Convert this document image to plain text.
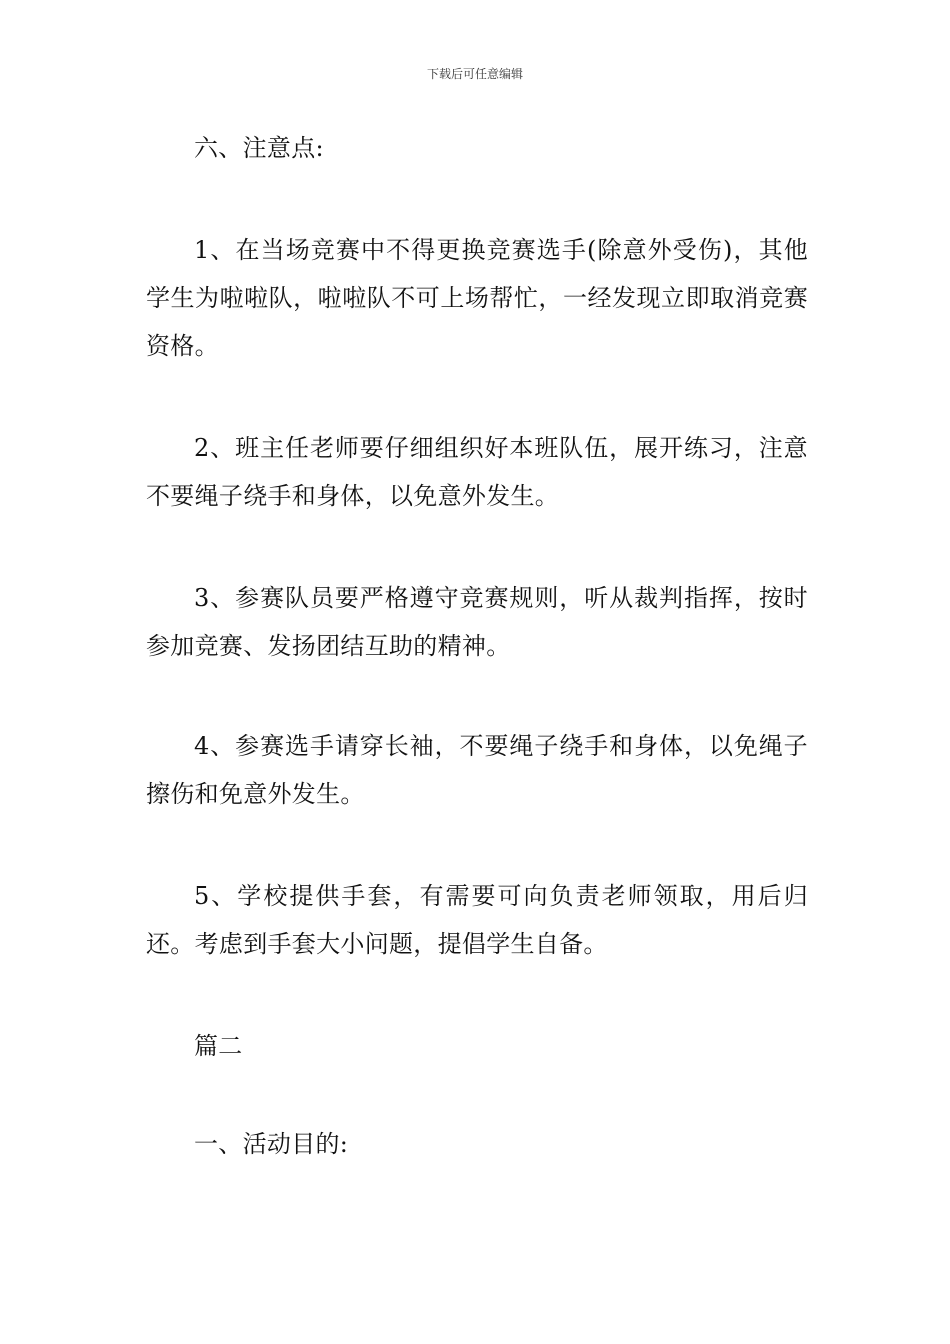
下载后可任意编辑

六、注意点:

1、在当场竞赛中不得更换竞赛选手(除意外受伤)，其他学生为啦啦队，啦啦队不可上场帮忙，一经发现立即取消竞赛资格。

2、班主任老师要仔细组织好本班队伍，展开练习，注意不要绳子绕手和身体，以免意外发生。

3、参赛队员要严格遵守竞赛规则，听从裁判指挥，按时参加竞赛、发扬团结互助的精神。

4、参赛选手请穿长袖，不要绳子绕手和身体，以免绳子擦伤和免意外发生。

5、学校提供手套，有需要可向负责老师领取，用后归还。考虑到手套大小问题，提倡学生自备。

篇二

一、活动目的:
